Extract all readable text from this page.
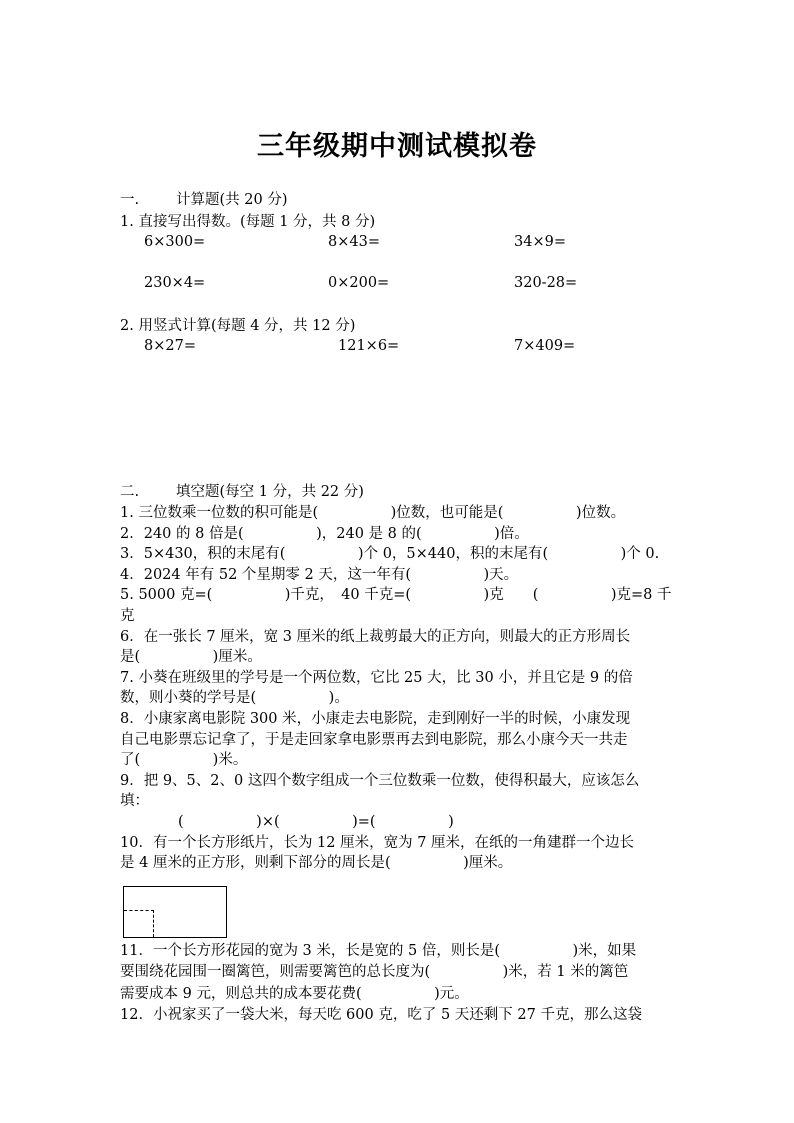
三年级期中测试模拟卷
一.	计算题(共 20 分)
1. 直接写出得数。(每题 1 分，共 8 分)
6×300=	8×43=	34×9=
230×4=	0×200=	320-28=
2. 用竖式计算(每题 4 分，共 12 分)
8×27=	121×6=	7×409=
二.	填空题(每空 1 分，共 22 分)
1. 三位数乘一位数的积可能是(　　　　　)位数，也可能是(　　　　　)位数。
2．240 的 8 倍是(　　　　　)，240 是 8 的(　　　　　)倍。
3．5×430，积的末尾有(　　　　　)个 0，5×440，积的末尾有(　　　　　)个 0.
4．2024 年有 52 个星期零 2 天，这一年有(　　　　　)天。
5. 5000 克=(　　　　　)千克，　40 千克=(　　　　　)克　　(　　　　　)克=8 千
克
6．在一张长 7 厘米，宽 3 厘米的纸上裁剪最大的正方向，则最大的正方形周长
是(　　　　　)厘米。
7. 小葵在班级里的学号是一个两位数，它比 25 大，比 30 小，并且它是 9 的倍
数，则小葵的学号是(　　　　　)。
8．小康家离电影院 300 米，小康走去电影院，走到刚好一半的时候，小康发现
自己电影票忘记拿了，于是走回家拿电影票再去到电影院，那么小康今天一共走
了(　　　　　)米。
9．把 9、5、2、0 这四个数字组成一个三位数乘一位数，使得积最大，应该怎么
填：
　　　　(　　　　　)×(　　　　　)=(　　　　　)
10．有一个长方形纸片，长为 12 厘米，宽为 7 厘米，在纸的一角建群一个边长
是 4 厘米的正方形，则剩下部分的周长是(　　　　　)厘米。
11．一个长方形花园的宽为 3 米，长是宽的 5 倍，则长是(　　　　　)米，如果
要围绕花园围一圈篱笆，则需要篱笆的总长度为(　　　　　)米，若 1 米的篱笆
需要成本 9 元，则总共的成本要花费(　　　　　)元。
12．小祝家买了一袋大米，每天吃 600 克，吃了 5 天还剩下 27 千克，那么这袋
